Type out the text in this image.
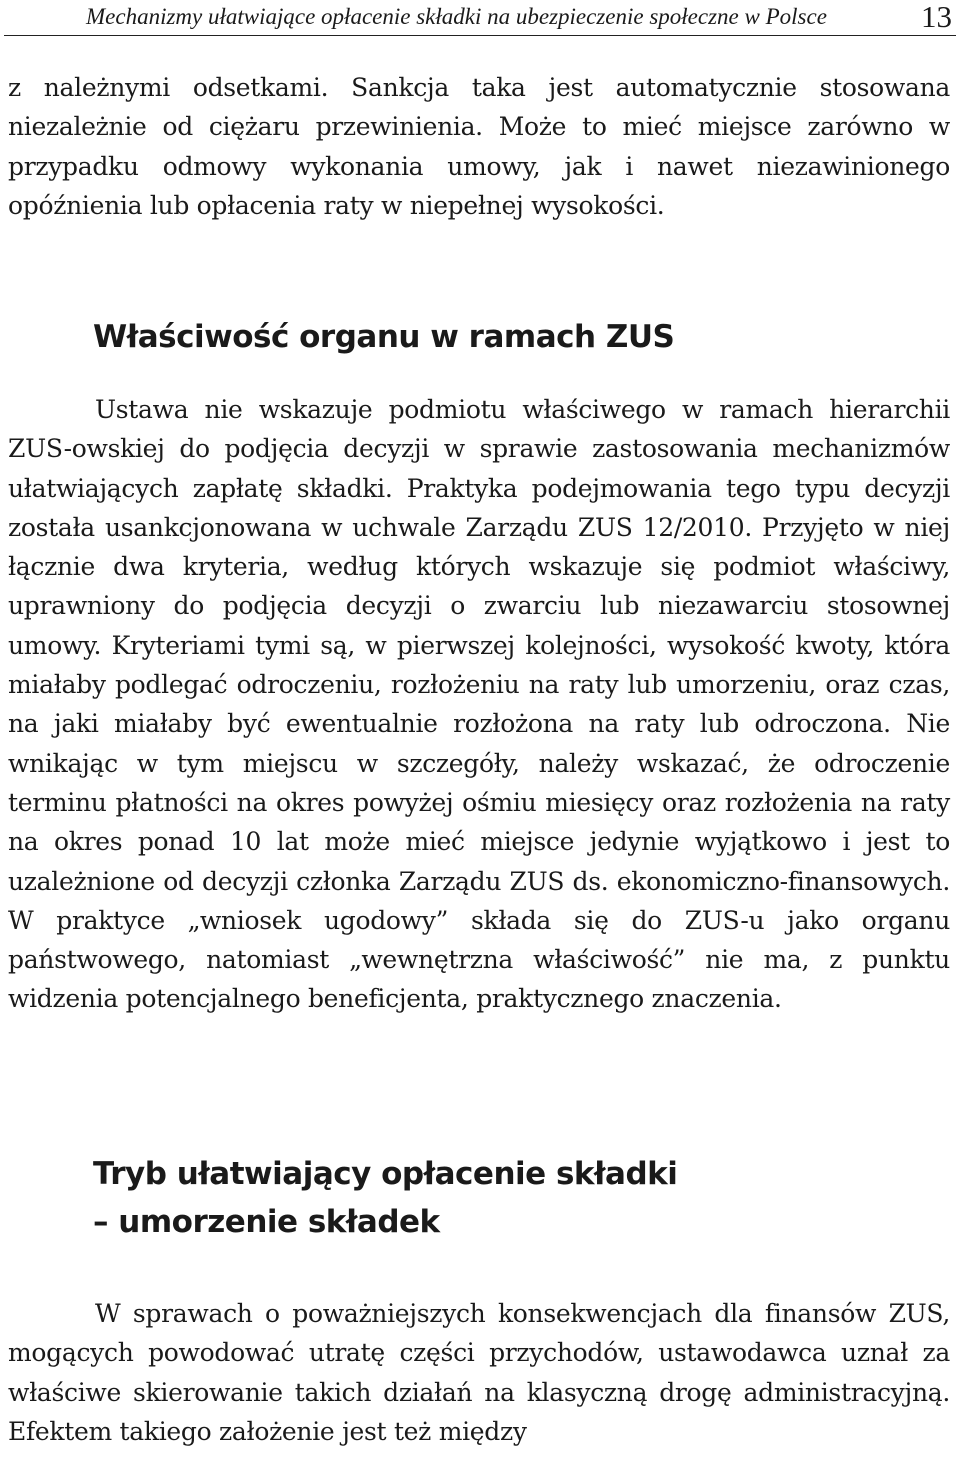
Mechanizmy ułatwiające opłacenie składki na ubezpieczenie społeczne w Polsce	13

z należnymi odsetkami. Sankcja taka jest automatycznie stosowana niezależnie od ciężaru przewinienia. Może to mieć miejsce zarówno w przypadku odmowy wykonania umowy, jak i nawet niezawinionego opóźnienia lub opłacenia raty w niepełnej wysokości.

Właściwość organu w ramach ZUS

Ustawa nie wskazuje podmiotu właściwego w ramach hierarchii ZUS-owskiej do podjęcia decyzji w sprawie zastosowania mechanizmów ułatwiających zapłatę składki. Praktyka podejmowania tego typu decyzji została usankcjonowana w uchwale Zarządu ZUS 12/2010. Przyjęto w niej łącznie dwa kryteria, według których wskazuje się podmiot właściwy, uprawniony do podjęcia decyzji o zwarciu lub niezawarciu stosownej umowy. Kryteriami tymi są, w pierwszej kolejności, wysokość kwoty, która miałaby podlegać odroczeniu, rozłożeniu na raty lub umorzeniu, oraz czas, na jaki miałaby być ewentualnie rozłożona na raty lub odroczona. Nie wnikając w tym miejscu w szczegóły, należy wskazać, że odroczenie terminu płatności na okres powyżej ośmiu miesięcy oraz rozłożenia na raty na okres ponad 10 lat może mieć miejsce jedynie wyjątkowo i jest to uzależnione od decyzji członka Zarządu ZUS ds. ekonomiczno-finansowych. W praktyce „wniosek ugodowy” składa się do ZUS-u jako organu państwowego, natomiast „wewnętrzna właściwość” nie ma, z punktu widzenia potencjalnego beneficjenta, praktycznego znaczenia.

Tryb ułatwiający opłacenie składki
– umorzenie składek

W sprawach o poważniejszych konsekwencjach dla finansów ZUS, mogących powodować utratę części przychodów, ustawodawca uznał za właściwe skierowanie takich działań na klasyczną drogę administracyjną. Efektem takiego założenie jest też między
